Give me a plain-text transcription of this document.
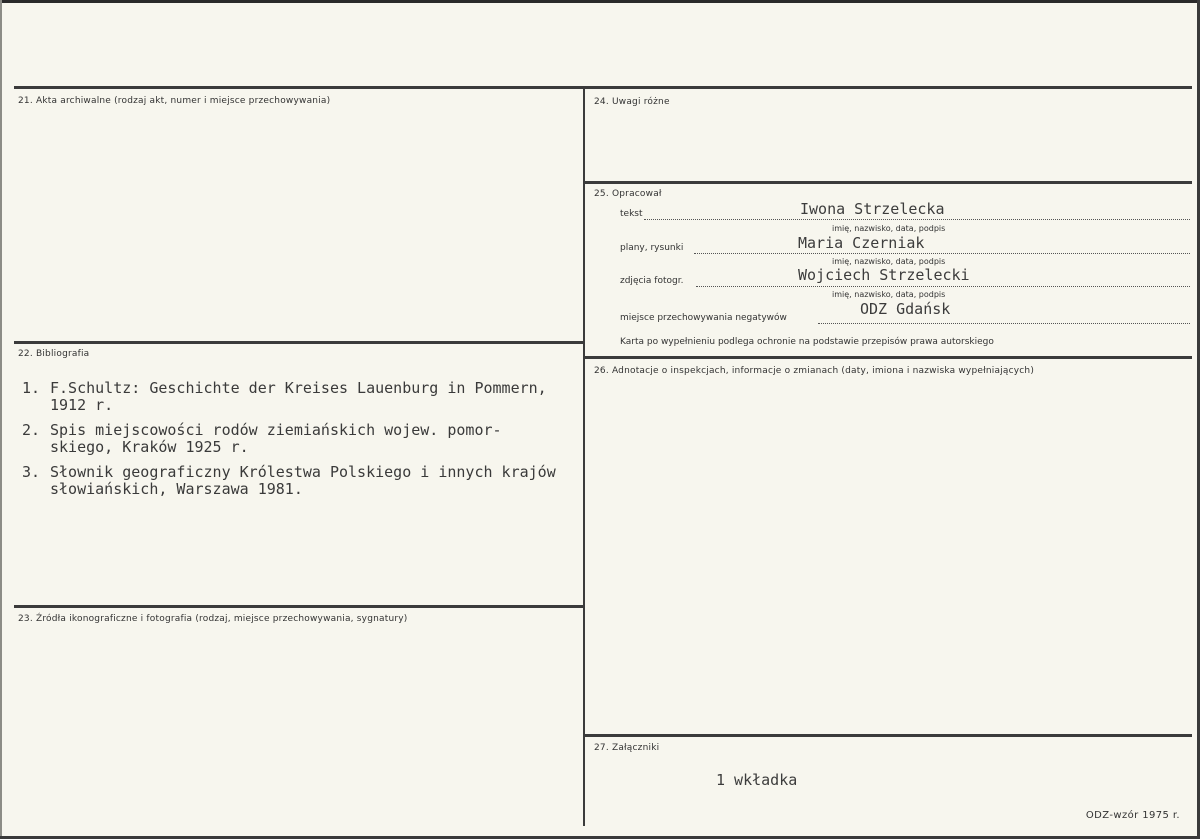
21. Akta archiwalne (rodzaj akt, numer i miejsce przechowywania)
22. Bibliografia
1. F.Schultz: Geschichte der Kreises Lauenburg in Pommern, 1912 r.
2. Spis miejscowości rodów ziemiańskich wojew. pomor- skiego, Kraków 1925 r.
3. Słownik geograficzny Królestwa Polskiego i innych krajów słowiańskich, Warszawa 1981.
23. Źródła ikonograficzne i fotografia (rodzaj, miejsce przechowywania, sygnatury)
24. Uwagi różne
25. Opracował
tekst	Iwona Strzelecka
imię, nazwisko, data, podpis
plany, rysunki	Maria Czerniak
imię, nazwisko, data, podpis
zdjęcia fotogr.	Wojciech Strzelecki
imię, nazwisko, data, podpis
miejsce przechowywania negatywów	ODZ Gdańsk
Karta po wypełnieniu podlega ochronie na podstawie przepisów prawa autorskiego
26. Adnotacje o inspekcjach, informacje o zmianach (daty, imiona i nazwiska wypełniających)
27. Załączniki
1 wkładka
ODZ-wzór 1975 r.
